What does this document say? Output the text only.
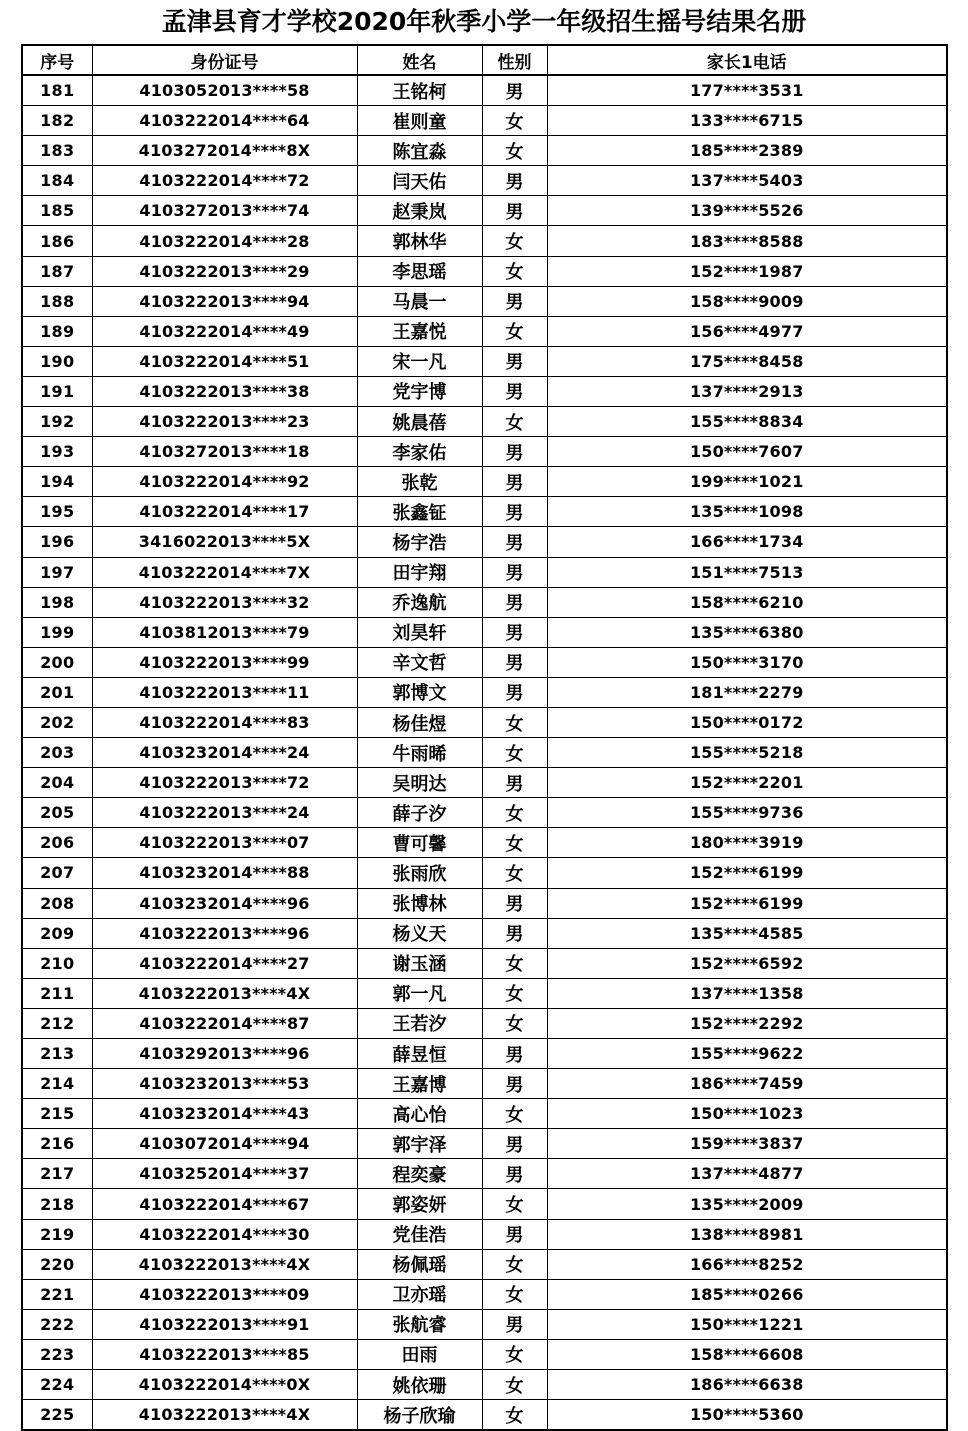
孟津县育才学校2020年秋季小学一年级招生摇号结果名册
序号	身份证号	姓名	性别	家长1电话
181	4103052013****58	王铭柯	男	177****3531
182	4103222014****64	崔则童	女	133****6715
183	4103272014****8X	陈宜淼	女	185****2389
184	4103222014****72	闫天佑	男	137****5403
185	4103272013****74	赵秉岚	男	139****5526
186	4103222014****28	郭林华	女	183****8588
187	4103222013****29	李思瑶	女	152****1987
188	4103222013****94	马晨一	男	158****9009
189	4103222014****49	王嘉悦	女	156****4977
190	4103222014****51	宋一凡	男	175****8458
191	4103222013****38	党宇博	男	137****2913
192	4103222013****23	姚晨蓓	女	155****8834
193	4103272013****18	李家佑	男	150****7607
194	4103222014****92	张乾	男	199****1021
195	4103222014****17	张鑫钲	男	135****1098
196	3416022013****5X	杨宇浩	男	166****1734
197	4103222014****7X	田宇翔	男	151****7513
198	4103222013****32	乔逸航	男	158****6210
199	4103812013****79	刘昊轩	男	135****6380
200	4103222013****99	辛文哲	男	150****3170
201	4103222013****11	郭博文	男	181****2279
202	4103222014****83	杨佳煜	女	150****0172
203	4103232014****24	牛雨晞	女	155****5218
204	4103222013****72	吴明达	男	152****2201
205	4103222013****24	薛子汐	女	155****9736
206	4103222013****07	曹可馨	女	180****3919
207	4103232014****88	张雨欣	女	152****6199
208	4103232014****96	张博林	男	152****6199
209	4103222013****96	杨义天	男	135****4585
210	4103222014****27	谢玉涵	女	152****6592
211	4103222013****4X	郭一凡	女	137****1358
212	4103222014****87	王若汐	女	152****2292
213	4103292013****96	薛昱恒	男	155****9622
214	4103232013****53	王嘉博	男	186****7459
215	4103232014****43	高心怡	女	150****1023
216	4103072014****94	郭宇泽	男	159****3837
217	4103252014****37	程奕豪	男	137****4877
218	4103222014****67	郭姿妍	女	135****2009
219	4103222014****30	党佳浩	男	138****8981
220	4103222013****4X	杨佩瑶	女	166****8252
221	4103222013****09	卫亦瑶	女	185****0266
222	4103222013****91	张航睿	男	150****1221
223	4103222013****85	田雨	女	158****6608
224	4103222014****0X	姚依珊	女	186****6638
225	4103222013****4X	杨子欣瑜	女	150****5360
